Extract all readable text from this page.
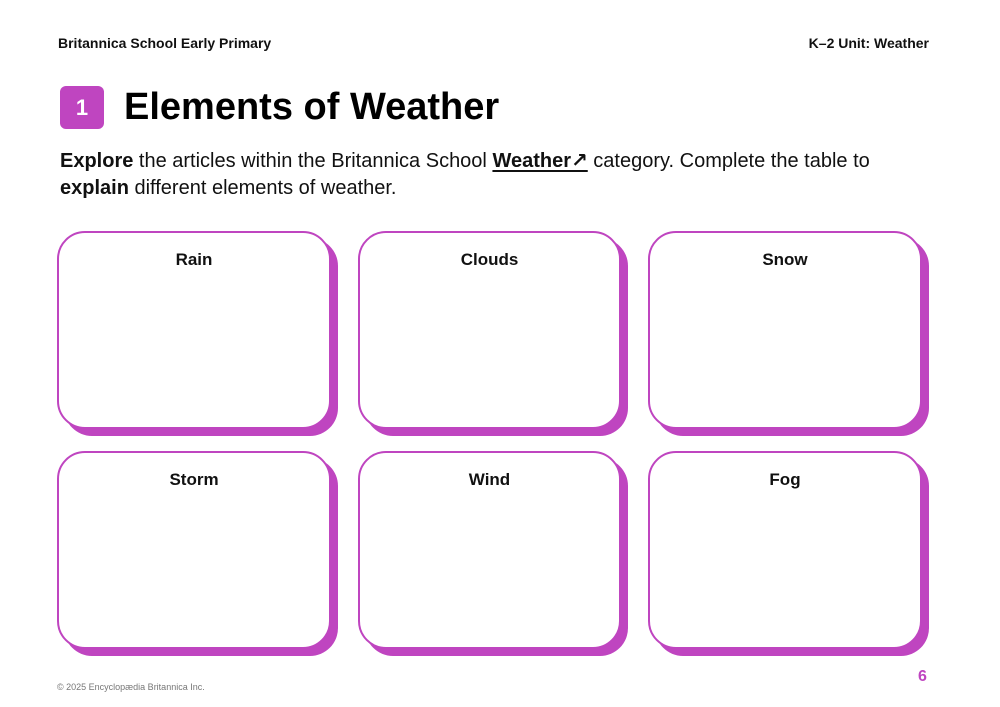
Britannica School Early Primary	K–2 Unit: Weather
1 Elements of Weather

Explore the articles within the Britannica School Weather↗ category. Complete the table to explain different elements of weather.

Rain	Clouds	Snow
Storm	Wind	Fog
© 2025 Encyclopædia Britannica Inc.
6
